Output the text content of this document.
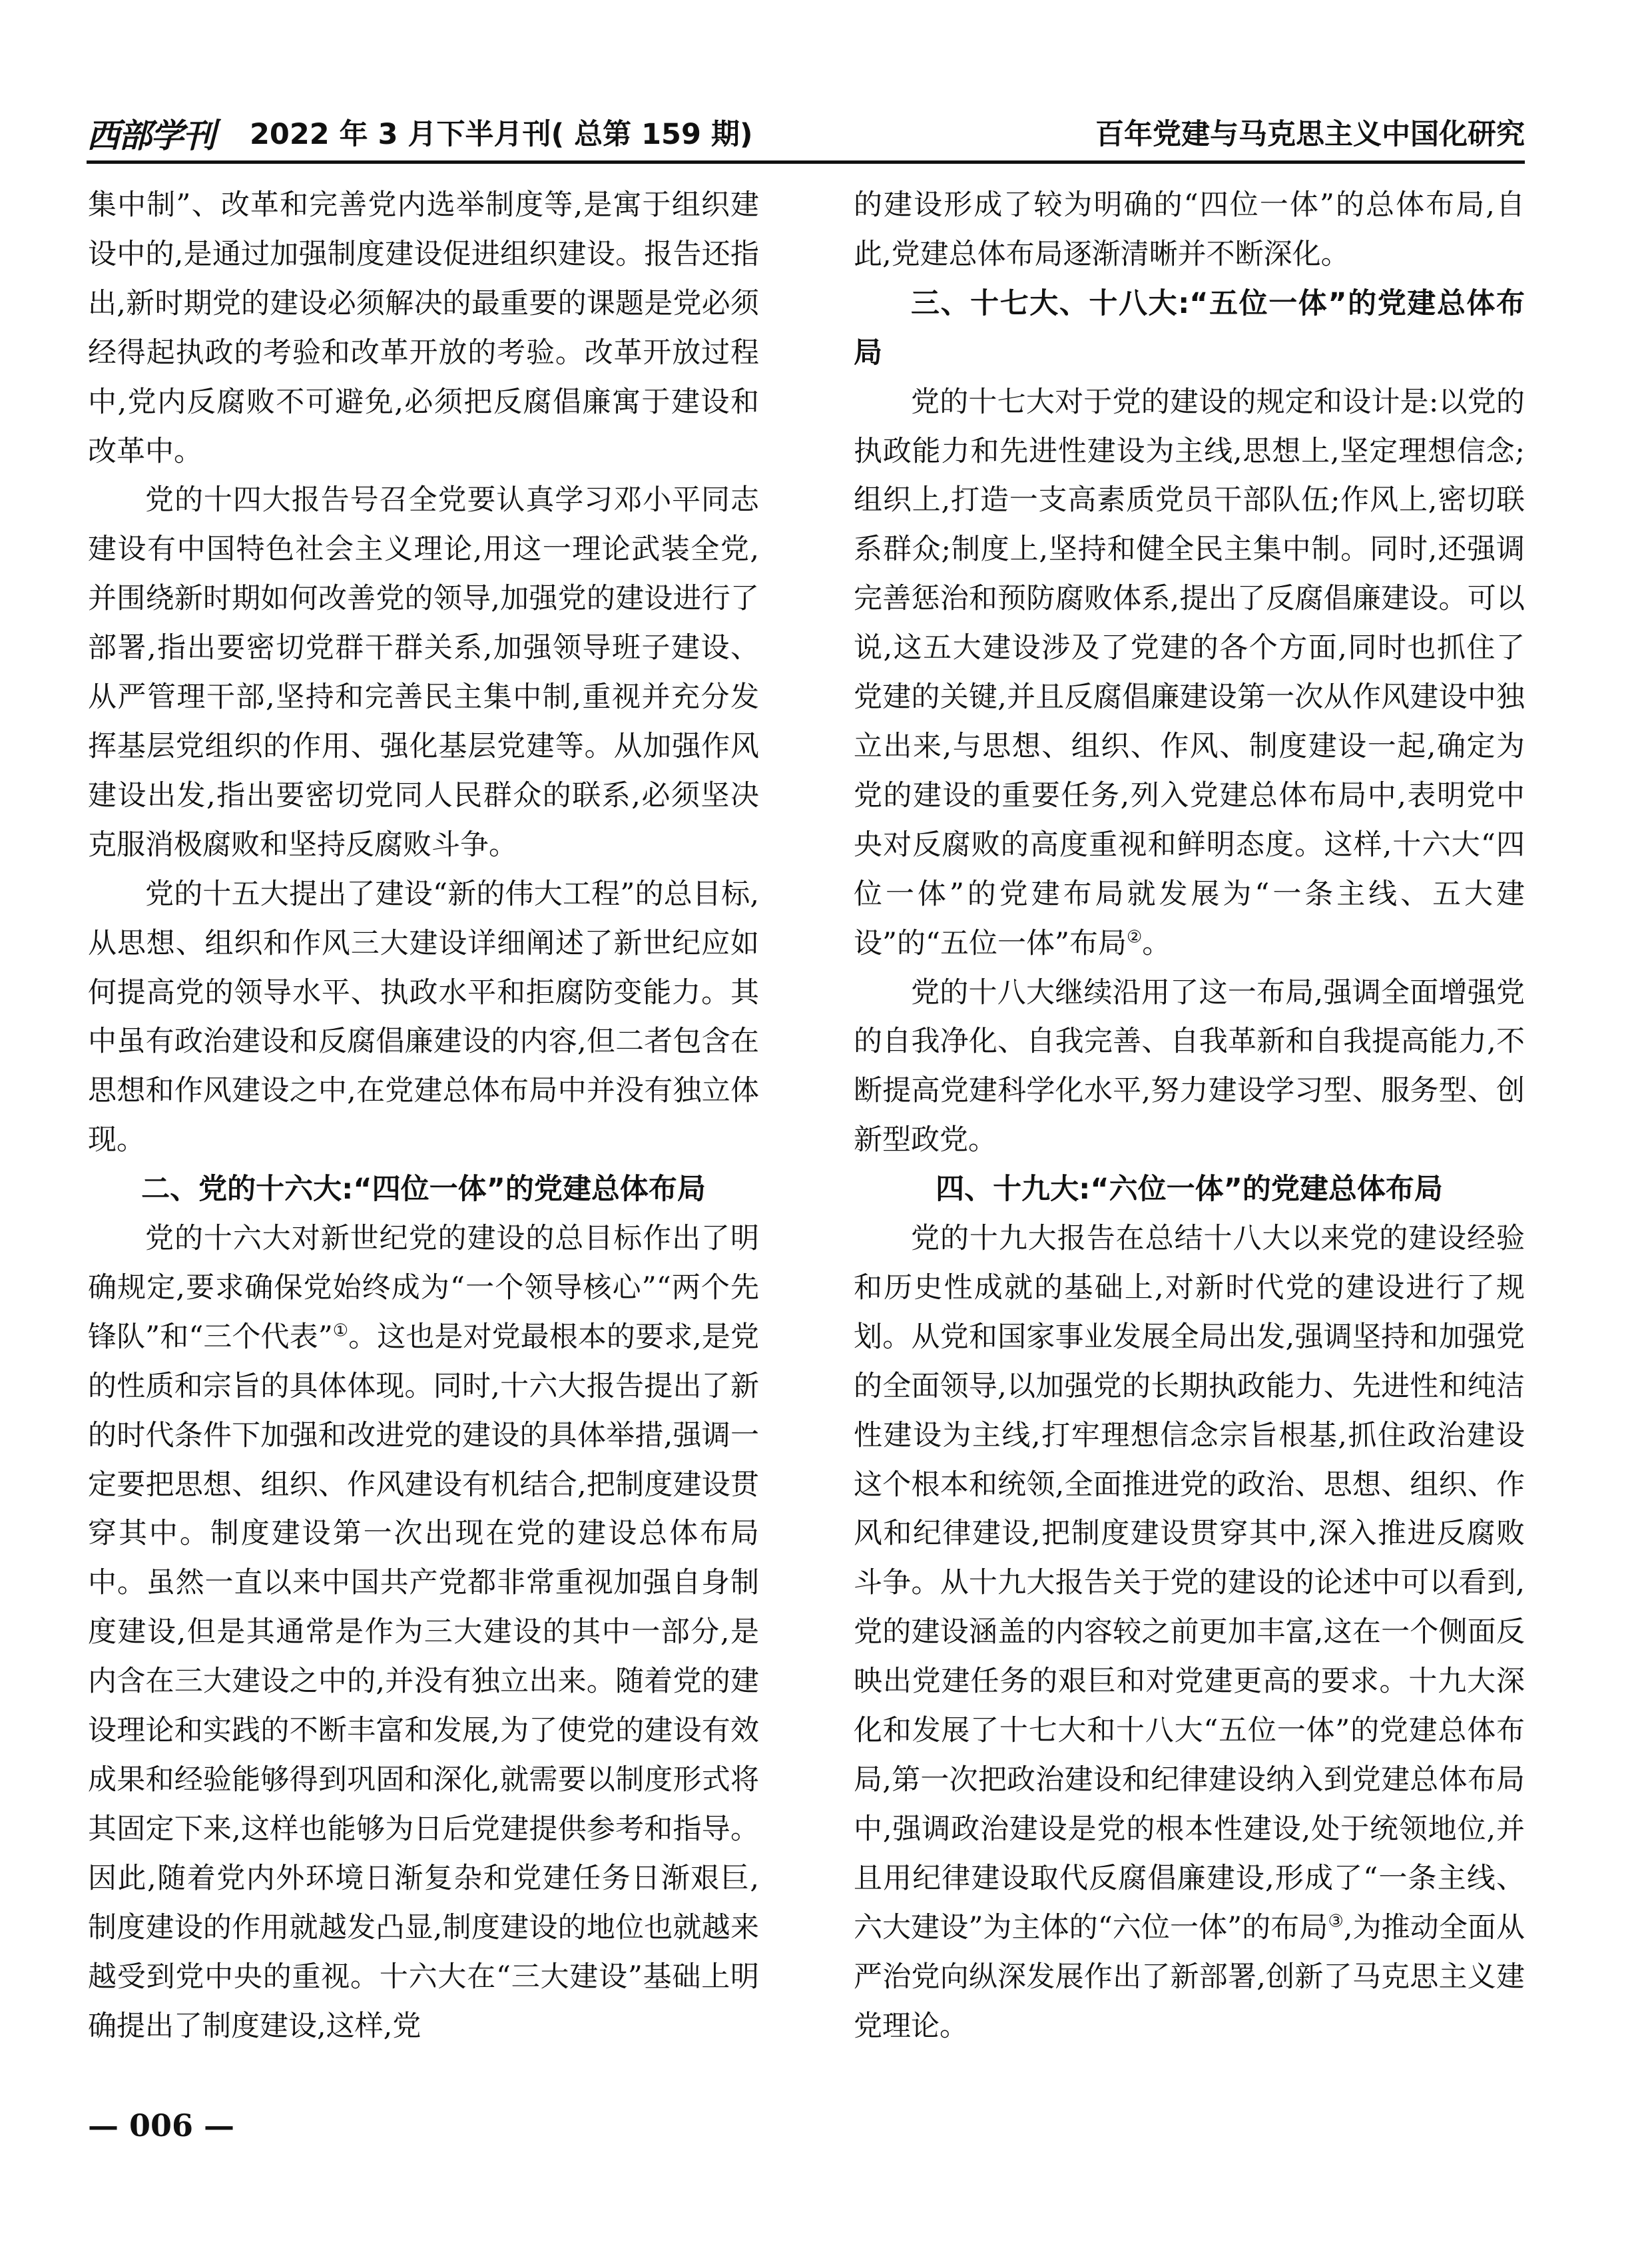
西部学刊 2022 年 3 月下半月刊( 总第 159 期)	百年党建与马克思主义中国化研究

集中制”、改革和完善党内选举制度等,是寓于组织建设中的,是通过加强制度建设促进组织建设。报告还指出,新时期党的建设必须解决的最重要的课题是党必须经得起执政的考验和改革开放的考验。改革开放过程中,党内反腐败不可避免,必须把反腐倡廉寓于建设和改革中。

党的十四大报告号召全党要认真学习邓小平同志建设有中国特色社会主义理论,用这一理论武装全党,并围绕新时期如何改善党的领导,加强党的建设进行了部署,指出要密切党群干群关系,加强领导班子建设、从严管理干部,坚持和完善民主集中制,重视并充分发挥基层党组织的作用、强化基层党建等。从加强作风建设出发,指出要密切党同人民群众的联系,必须坚决克服消极腐败和坚持反腐败斗争。

党的十五大提出了建设“新的伟大工程”的总目标,从思想、组织和作风三大建设详细阐述了新世纪应如何提高党的领导水平、执政水平和拒腐防变能力。其中虽有政治建设和反腐倡廉建设的内容,但二者包含在思想和作风建设之中,在党建总体布局中并没有独立体现。

二、党的十六大:“四位一体”的党建总体布局

党的十六大对新世纪党的建设的总目标作出了明确规定,要求确保党始终成为“一个领导核心”“两个先锋队”和“三个代表”①。这也是对党最根本的要求,是党的性质和宗旨的具体体现。同时,十六大报告提出了新的时代条件下加强和改进党的建设的具体举措,强调一定要把思想、组织、作风建设有机结合,把制度建设贯穿其中。制度建设第一次出现在党的建设总体布局中。虽然一直以来中国共产党都非常重视加强自身制度建设,但是其通常是作为三大建设的其中一部分,是内含在三大建设之中的,并没有独立出来。随着党的建设理论和实践的不断丰富和发展,为了使党的建设有效成果和经验能够得到巩固和深化,就需要以制度形式将其固定下来,这样也能够为日后党建提供参考和指导。因此,随着党内外环境日渐复杂和党建任务日渐艰巨,制度建设的作用就越发凸显,制度建设的地位也就越来越受到党中央的重视。十六大在“三大建设”基础上明确提出了制度建设,这样,党

的建设形成了较为明确的“四位一体”的总体布局,自此,党建总体布局逐渐清晰并不断深化。

三、十七大、十八大:“五位一体”的党建总体布局

党的十七大对于党的建设的规定和设计是:以党的执政能力和先进性建设为主线,思想上,坚定理想信念;组织上,打造一支高素质党员干部队伍;作风上,密切联系群众;制度上,坚持和健全民主集中制。同时,还强调完善惩治和预防腐败体系,提出了反腐倡廉建设。可以说,这五大建设涉及了党建的各个方面,同时也抓住了党建的关键,并且反腐倡廉建设第一次从作风建设中独立出来,与思想、组织、作风、制度建设一起,确定为党的建设的重要任务,列入党建总体布局中,表明党中央对反腐败的高度重视和鲜明态度。这样,十六大“四位一体”的党建布局就发展为“一条主线、五大建设”的“五位一体”布局②。

党的十八大继续沿用了这一布局,强调全面增强党的自我净化、自我完善、自我革新和自我提高能力,不断提高党建科学化水平,努力建设学习型、服务型、创新型政党。

四、十九大:“六位一体”的党建总体布局

党的十九大报告在总结十八大以来党的建设经验和历史性成就的基础上,对新时代党的建设进行了规划。从党和国家事业发展全局出发,强调坚持和加强党的全面领导,以加强党的长期执政能力、先进性和纯洁性建设为主线,打牢理想信念宗旨根基,抓住政治建设这个根本和统领,全面推进党的政治、思想、组织、作风和纪律建设,把制度建设贯穿其中,深入推进反腐败斗争。从十九大报告关于党的建设的论述中可以看到,党的建设涵盖的内容较之前更加丰富,这在一个侧面反映出党建任务的艰巨和对党建更高的要求。十九大深化和发展了十七大和十八大“五位一体”的党建总体布局,第一次把政治建设和纪律建设纳入到党建总体布局中,强调政治建设是党的根本性建设,处于统领地位,并且用纪律建设取代反腐倡廉建设,形成了“一条主线、六大建设”为主体的“六位一体”的布局③,为推动全面从严治党向纵深发展作出了新部署,创新了马克思主义建党理论。

— 006 —
